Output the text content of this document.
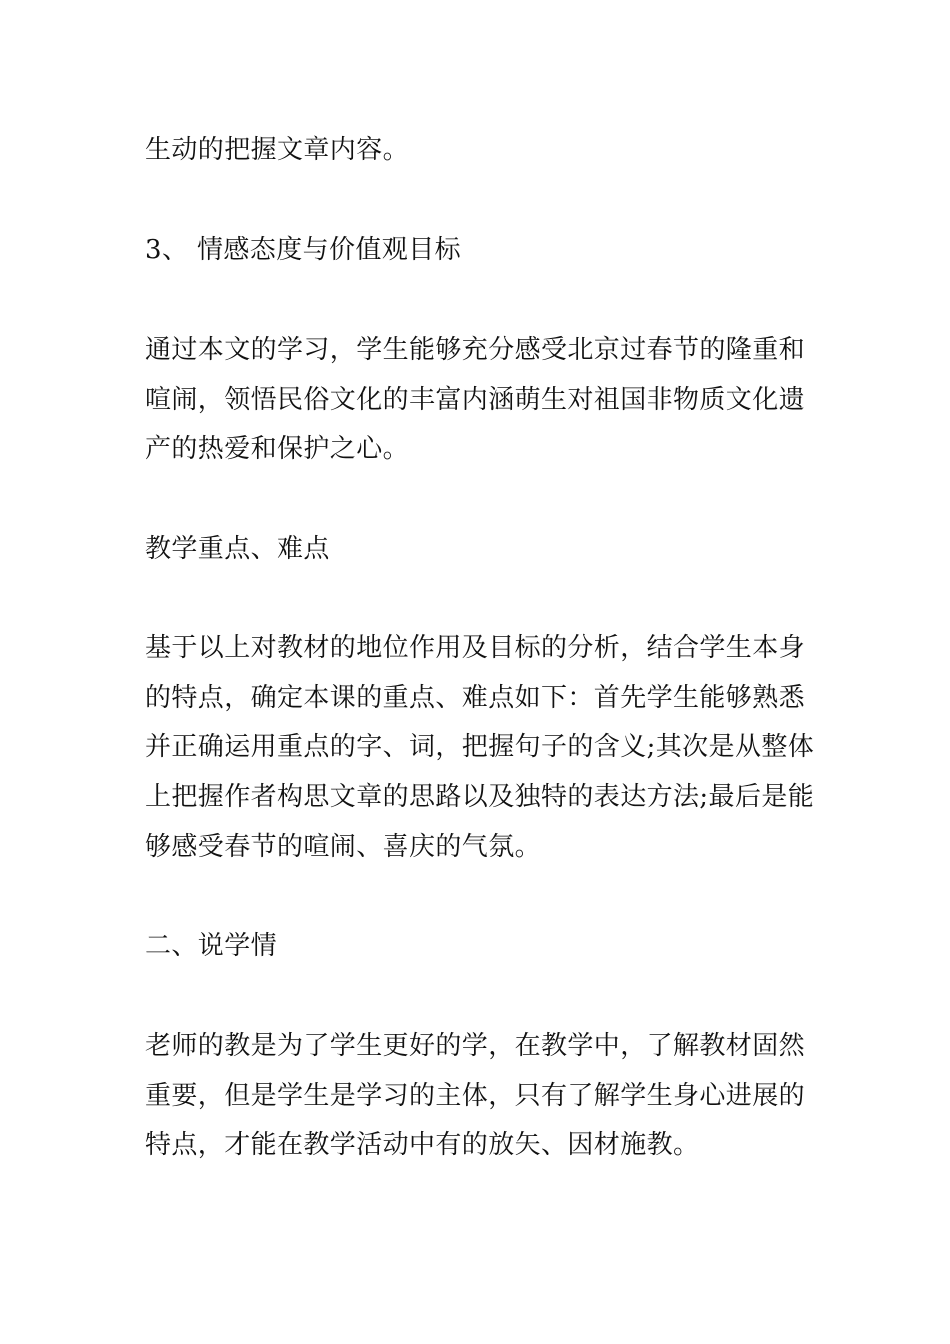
生动的把握文章内容。
3、 情感态度与价值观目标
通过本文的学习，学生能够充分感受北京过春节的隆重和
喧闹，领悟民俗文化的丰富内涵萌生对祖国非物质文化遗
产的热爱和保护之心。
教学重点、难点
基于以上对教材的地位作用及目标的分析，结合学生本身
的特点，确定本课的重点、难点如下：首先学生能够熟悉
并正确运用重点的字、词，把握句子的含义;其次是从整体
上把握作者构思文章的思路以及独特的表达方法;最后是能
够感受春节的喧闹、喜庆的气氛。
二、说学情
老师的教是为了学生更好的学，在教学中，了解教材固然
重要，但是学生是学习的主体，只有了解学生身心进展的
特点，才能在教学活动中有的放矢、因材施教。
